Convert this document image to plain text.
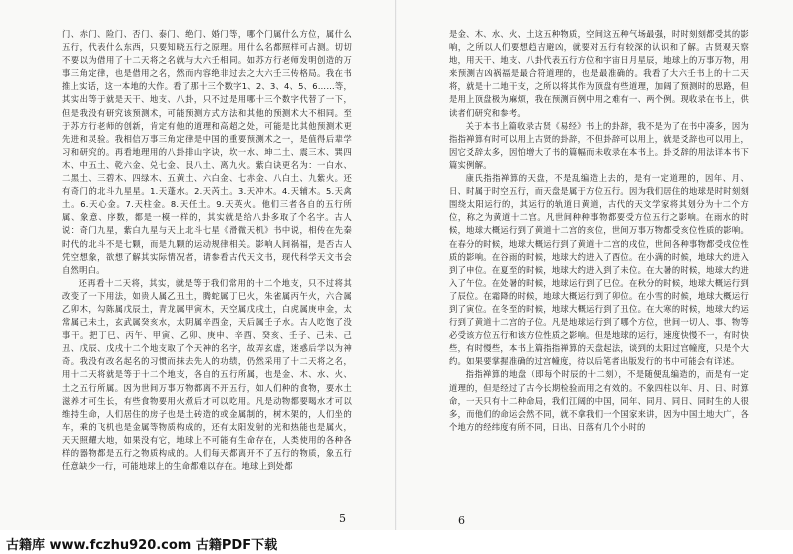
门、赤门、险门、否门、泰门、绝门、婚门等，哪个门属什么方位，属什么五行，代表什么东西，只要知晓五行之原理。用什么名都照样可占测。切切不要以为借用了十二天将之名就与大六壬相同。如苏方行老师发明创造的万事三角定律，也是借用之名，然而内容绝非过去之大六壬三传格局。我在书推上实话，这一本地的大作。看了那十三个数字1、2、3、4、5、6……等，其实出等于就是天干、地支、八卦，只不过是用哪十三个数字代替了一下，但是我没有研究该预测术，可能预测方式方法和其他的预测术大不相同。至于苏方行老师的创新，肯定有他的道理和高超之处，可能是比其他预测术更先进和灵验。我相信万事三角定律是中国的重要预测术之一，是值得后辈学习和研究的。再看地理用的八卦排山字诀，坎一水、坤二土、震三木、巽四木、中五土、乾六金、兑七金、艮八土、离九火。紫白诀更名为：一白水、二黑土、三碧木、四绿木、五黄土、六白金、七赤金、八白土、九紫火。还有奇门的北斗九星星。1.天蓬水。2.天芮土。3.天冲木。4.天辅木。5.天禽土。6.天心金。7.天柱金。8.天任土。9.天英火。他们三者各自的五行所属、象意、序数，都是一模一样的，其实就是给八卦多取了个名字。古人说：奇门九星，紫白九星与天上北斗七星《滑微天机》书中说，相传在先秦时代的北斗不是七颗，而是九颗的运动规律相关。影响人间祸福，是否古人凭空想象，欲想了解其实际情况者，请参看古代天文书，现代科学天文书会自然明白。

还再看十二天将，其实，就是等于我们常用的十二个地支，只不过将其改变了一下用法，如贵人属乙丑土，腾蛇属丁巳火，朱雀属丙午火，六合属乙卯木，勾陈属戊辰土，青龙属甲寅木，天空属戊戌土，白虎属庚申金，太常属己未土，玄武属癸亥水，太阴属辛酉金，天后属壬子水。古人吃饱了没事干。把丁巳、丙午、甲寅、乙卯、庚申、辛酉、癸亥、壬子、己未、己丑、戊辰、戊戌十二个地支取了个天神的名字，故弄玄虚，迷惑后学以为神奇。我没有改名起名的习惯而抹去先人的功绩，仍然采用了十二天将之名，用十二天将就是等于十二个地支，各自的五行所属，也是金、木、水、火、土之五行所属。因为世间万事万物都离不开五行，如人们种的食物，要水土滋养才可生长，有些食物要用火煮后才可以吃用。凡是动物都要喝水才可以维持生命，人们居住的房子也是土砖造的或金属制的，树木架的，人们坐的车，乘的飞机也是金属等物质构成的，还有太阳发射的光和热能也是属火，天天照耀大地，如果没有它，地球上不可能有生命存在，人类使用的各种各样的器物都是五行之物质构成的。人们每天都离开不了五行的物质，象五行任意缺少一行，可能地球上的生命都难以存在。地球上到处都

5

是金、木、水、火、土这五种物质，空间这五种气场最强，时时刻刻都受其的影响，之所以人们要想趋吉避凶，就要对五行有较深的认识和了解。古贤观天察地，用天干、地支、八卦代表五行方位和宇宙日月星辰，地球上的万事万物，用来预测吉凶祸福是最合符道理的，也是最准确的。我看了大六壬书上的十二天将，就是十二地干支，之所以将其作为顶盘有些道理，加阔了预测时的思路，但是用上顶盘极为麻烦，我在预测百例中用之难有一、两个例。现收录在书上，供读者们研究和参考。

关于本书上篇收录古贤《易经》书上的卦辞，我不是为了在书中凑多，因为指指禅算有时可以用上古贤的卦辞，不但卦辞可以用上，就是爻辞也可以用上，因它爻辞太多，因怕增大了书的篇幅而未收录在本书上。卦爻辞的用法详本书下篇实例解。

康氏指指禅算的天盘，不是乱编造上去的，是有一定道理的，因年、月、日、时属于时空五行，而天盘是属于方位五行。因为我们居住的地球是时时刻刻围绕太阳运行的，其运行的轨道日黄道，古代的天文学家将其划分为十二个方位，称之为黄道十二宫。凡世间种种事物都要受方位五行之影响。在雨水的时候，地球大概运行到了黄道十二宫的亥位，世间万事万物都受亥位性质的影响。在春分的时候，地球大概运行到了黄道十二宫的戌位，世间各种事物都受戌位性质的影响。在谷雨的时候，地球大约进入了酉位。在小满的时候，地球大约进入到了申位。在夏至的时候，地球大约进入到了未位。在大暑的时候，地球大约进入了午位。在处暑的时候，地球运行到了巳位。在秋分的时候，地球大概运行到了辰位。在霜降的时候，地球大概运行到了卯位。在小雪的时候，地球大概运行到了寅位。在冬至的时候，地球大概运行到了丑位。在大寒的时候，地球大约运行到了黄道十二宫的子位。凡是地球运行到了哪个方位，世间一切人、事、物等必受该方位五行和该方位性质之影响。但是地球的运行，速度快慢不一，有时快些，有时慢些，本书上篇指指禅算的天盘起法，谈到的太阳过宫幢度，只是个大约。如果要掌握准确的过宫幢度，待以后笔者出版发行的书中可能会有详述。

指指禅算的地盘（即每个时辰的十二刻），不是随便乱编造的，而是有一定道理的，但是经过了古今长期检验而用之有效的。不象四柱以年、月、日、时算命，一天只有十二种命局，我们江阔的中国，同年、同月、同日、同时生的人很多，而他们的命运会然不同，就不拿我们一个国家来讲，因为中国土地大广，各个地方的经纬度有所不同，日出、日落有几个小时的

6
古籍库 www.fczhu920.com 古籍PDF下载
